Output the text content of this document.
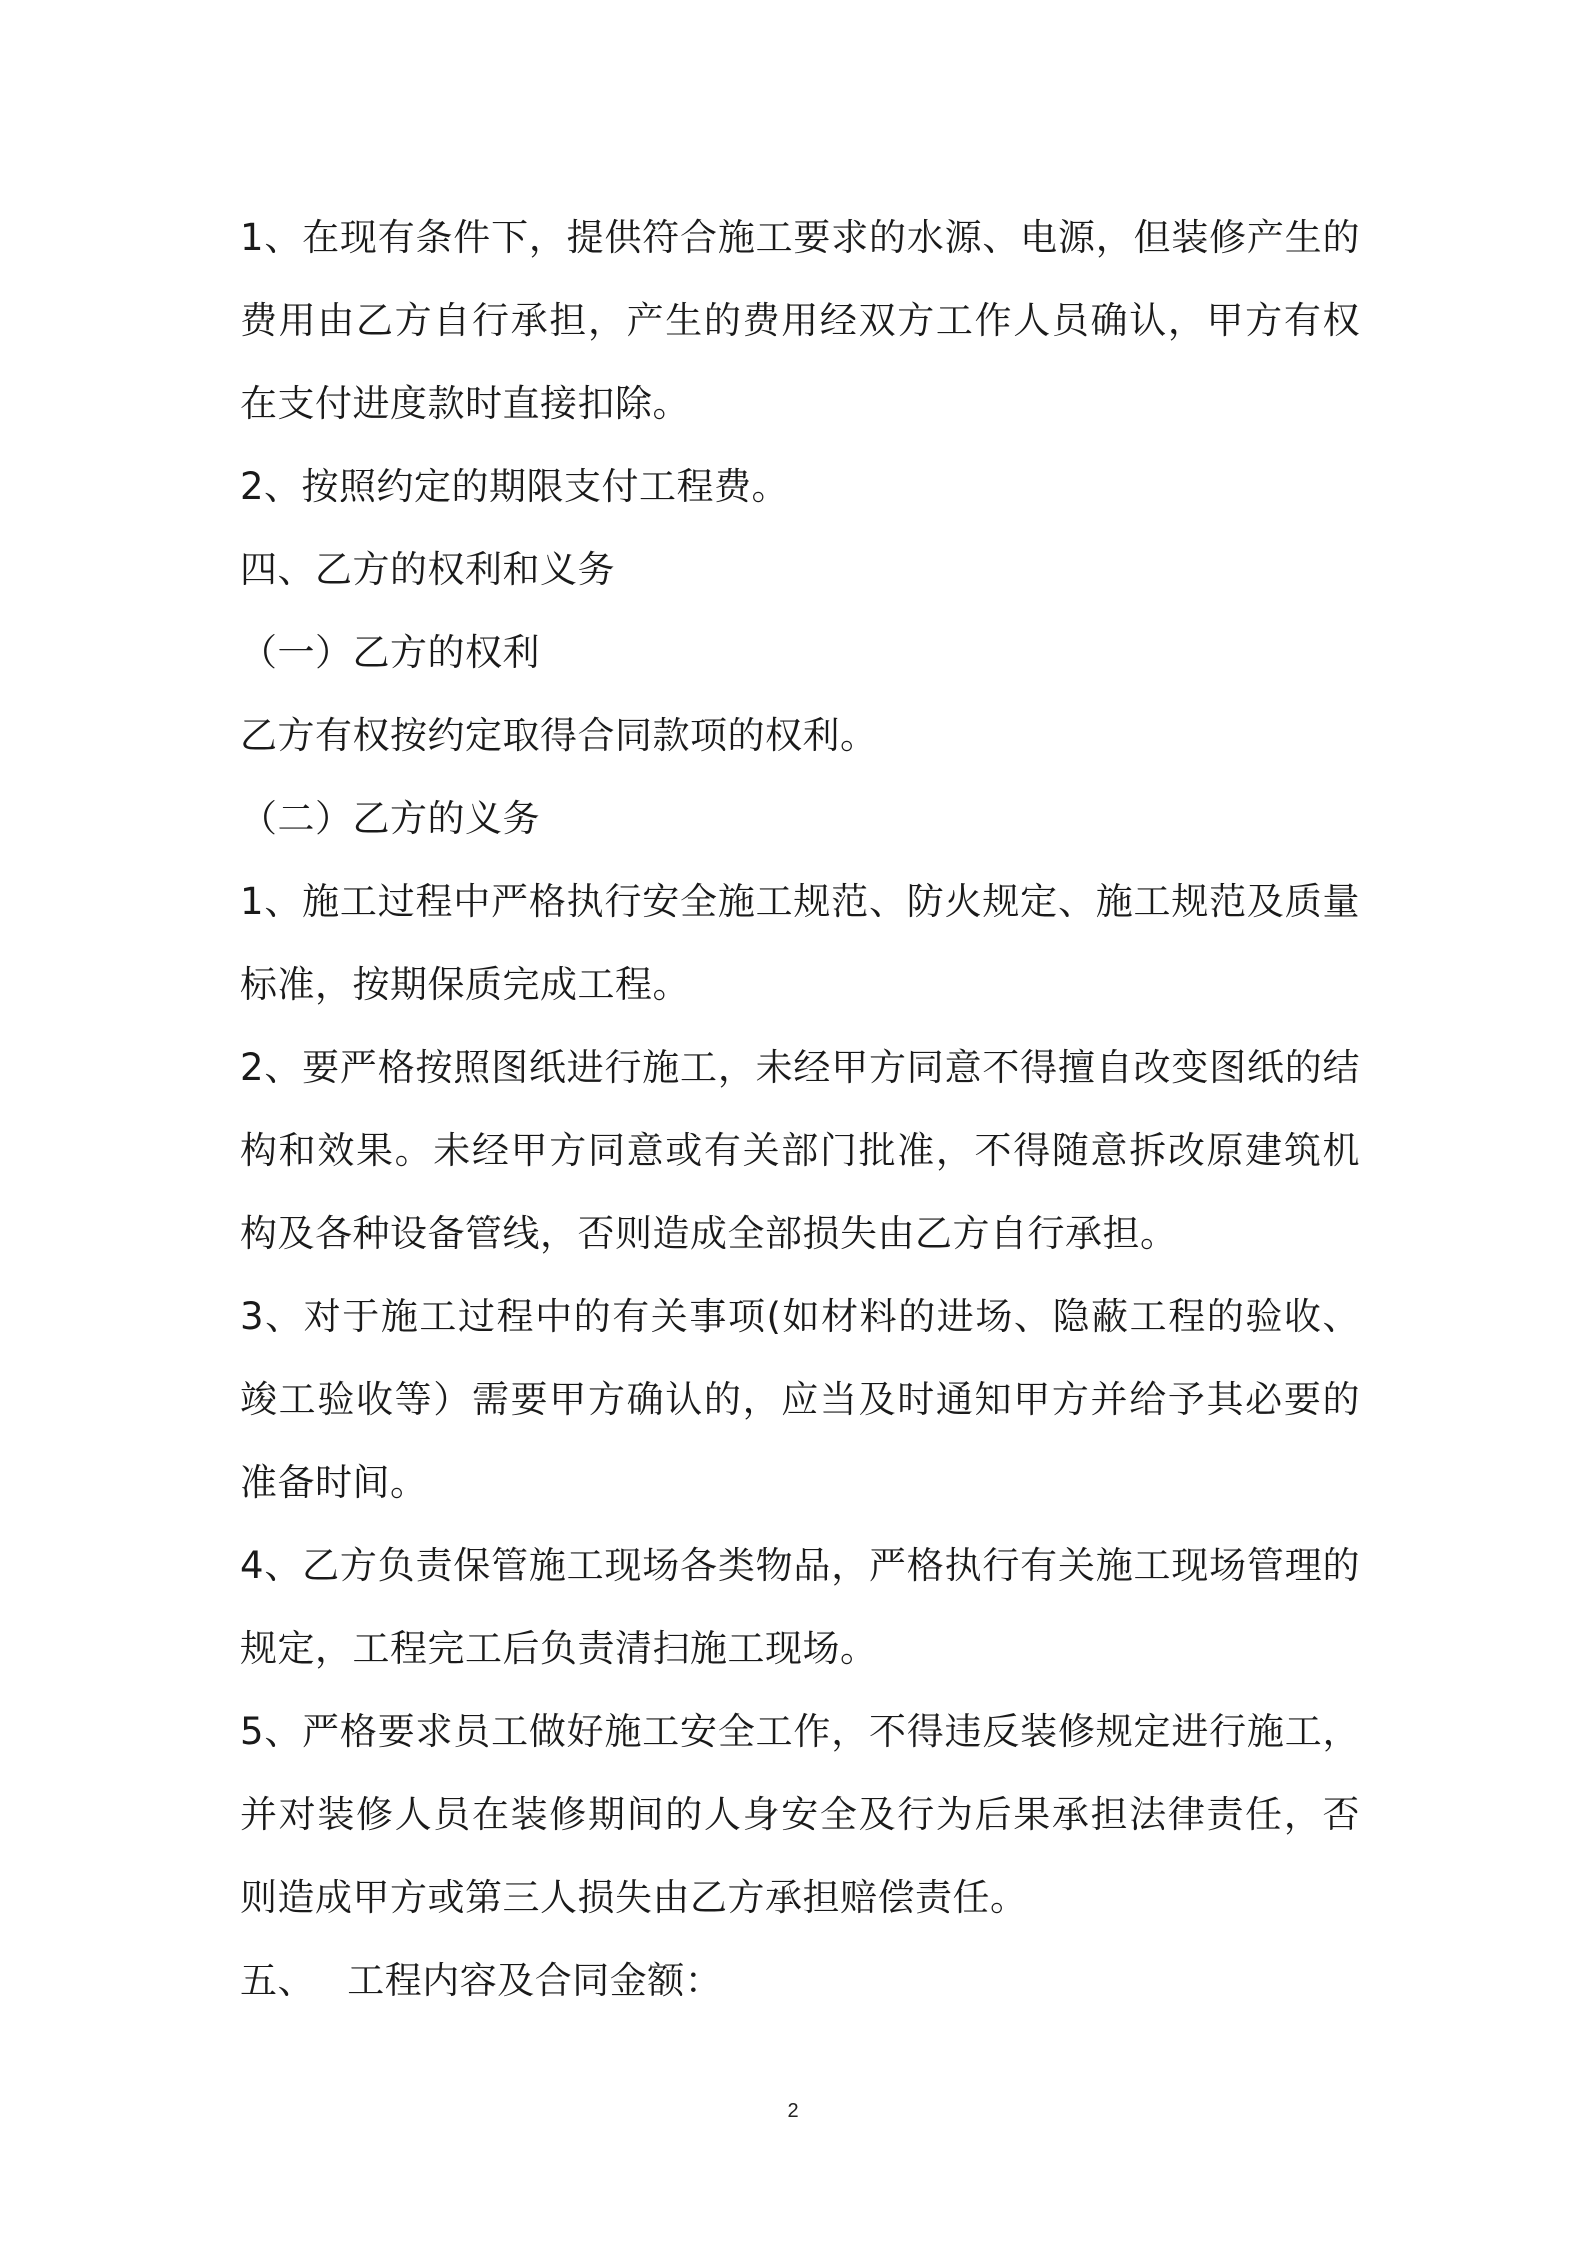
1、在现有条件下，提供符合施工要求的水源、电源，但装修产生的费用由乙方自行承担，产生的费用经双方工作人员确认，甲方有权在支付进度款时直接扣除。

2、按照约定的期限支付工程费。

四、乙方的权利和义务

（一）乙方的权利

乙方有权按约定取得合同款项的权利。

（二）乙方的义务

1、施工过程中严格执行安全施工规范、防火规定、施工规范及质量标准，按期保质完成工程。

2、要严格按照图纸进行施工，未经甲方同意不得擅自改变图纸的结构和效果。未经甲方同意或有关部门批准，不得随意拆改原建筑机构及各种设备管线，否则造成全部损失由乙方自行承担。

3、对于施工过程中的有关事项(如材料的进场、隐蔽工程的验收、竣工验收等）需要甲方确认的，应当及时通知甲方并给予其必要的准备时间。

4、乙方负责保管施工现场各类物品，严格执行有关施工现场管理的规定，工程完工后负责清扫施工现场。

5、严格要求员工做好施工安全工作，不得违反装修规定进行施工，并对装修人员在装修期间的人身安全及行为后果承担法律责任，否则造成甲方或第三人损失由乙方承担赔偿责任。

五、 工程内容及合同金额：

2
